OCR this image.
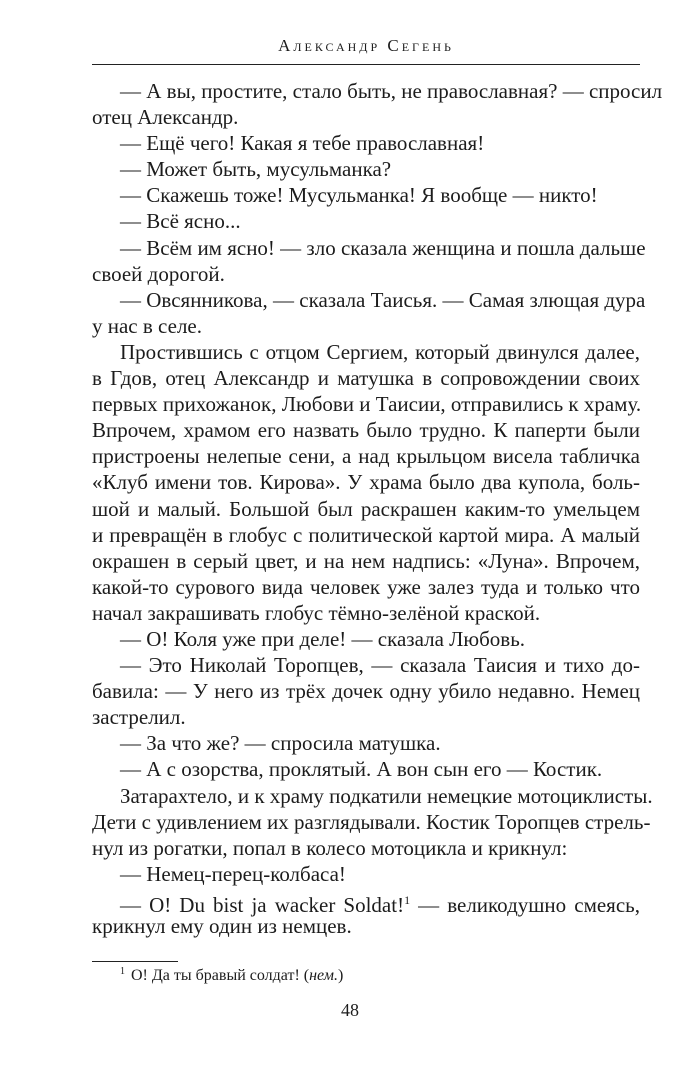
Александр Сегень
— А вы, простите, стало быть, не православная? — спросил
отец Александр.
— Ещё чего! Какая я тебе православная!
— Может быть, мусульманка?
— Скажешь тоже! Мусульманка! Я вообще — никто!
— Всё ясно...
— Всём им ясно! — зло сказала женщина и пошла дальше
своей дорогой.
— Овсянникова, — сказала Таисья. — Самая злющая дура
у нас в селе.
Простившись с отцом Сергием, который двинулся далее,
в Гдов, отец Александр и матушка в сопровождении своих
первых прихожанок, Любови и Таисии, отправились к храму.
Впрочем, храмом его назвать было трудно. К паперти были
пристроены нелепые сени, а над крыльцом висела табличка
«Клуб имени тов. Кирова». У храма было два купола, боль-
шой и малый. Большой был раскрашен каким-то умельцем
и превращён в глобус с политической картой мира. А малый
окрашен в серый цвет, и на нем надпись: «Луна». Впрочем,
какой-то сурового вида человек уже залез туда и только что
начал закрашивать глобус тёмно-зелёной краской.
— О! Коля уже при деле! — сказала Любовь.
— Это Николай Торопцев, — сказала Таисия и тихо до-
бавила: — У него из трёх дочек одну убило недавно. Немец
застрелил.
— За что же? — спросила матушка.
— А с озорства, проклятый. А вон сын его — Костик.
Затарахтело, и к храму подкатили немецкие мотоциклисты.
Дети с удивлением их разглядывали. Костик Торопцев стрель-
нул из рогатки, попал в колесо мотоцикла и крикнул:
— Немец-перец-колбаса!
— О! Du bist ja wacker Soldat!$^1$ — великодушно смеясь,
крикнул ему один из немцев.
$^1$ О! Да ты бравый солдат! (нем.)
48
